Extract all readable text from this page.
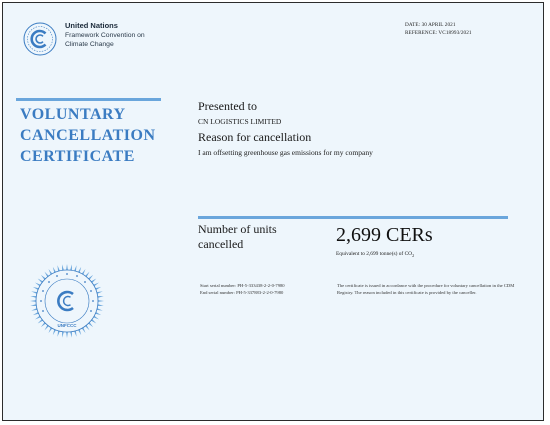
United Nations
Framework Convention on
Climate Change
DATE: 30 APRIL 2021
REFERENCE: VC18993/2021
VOLUNTARY
CANCELLATION
CERTIFICATE
Presented to
CN LOGISTICS LIMITED
Reason for cancellation
I am offsetting greenhouse gas emissions for my company
Number of units
cancelled	2,699 CERs
Equivalent to 2,699 tonne(s) of $CO_2$
Start serial number: PH-5-333438-2-2-0-7980
End serial number: PH-5-337883-2-2-0-7980
The certificate is issued in accordance with the procedure for voluntary cancellation in the CDM Registry. The reason included in this certificate is provided by the canceller.
UNFCCC
